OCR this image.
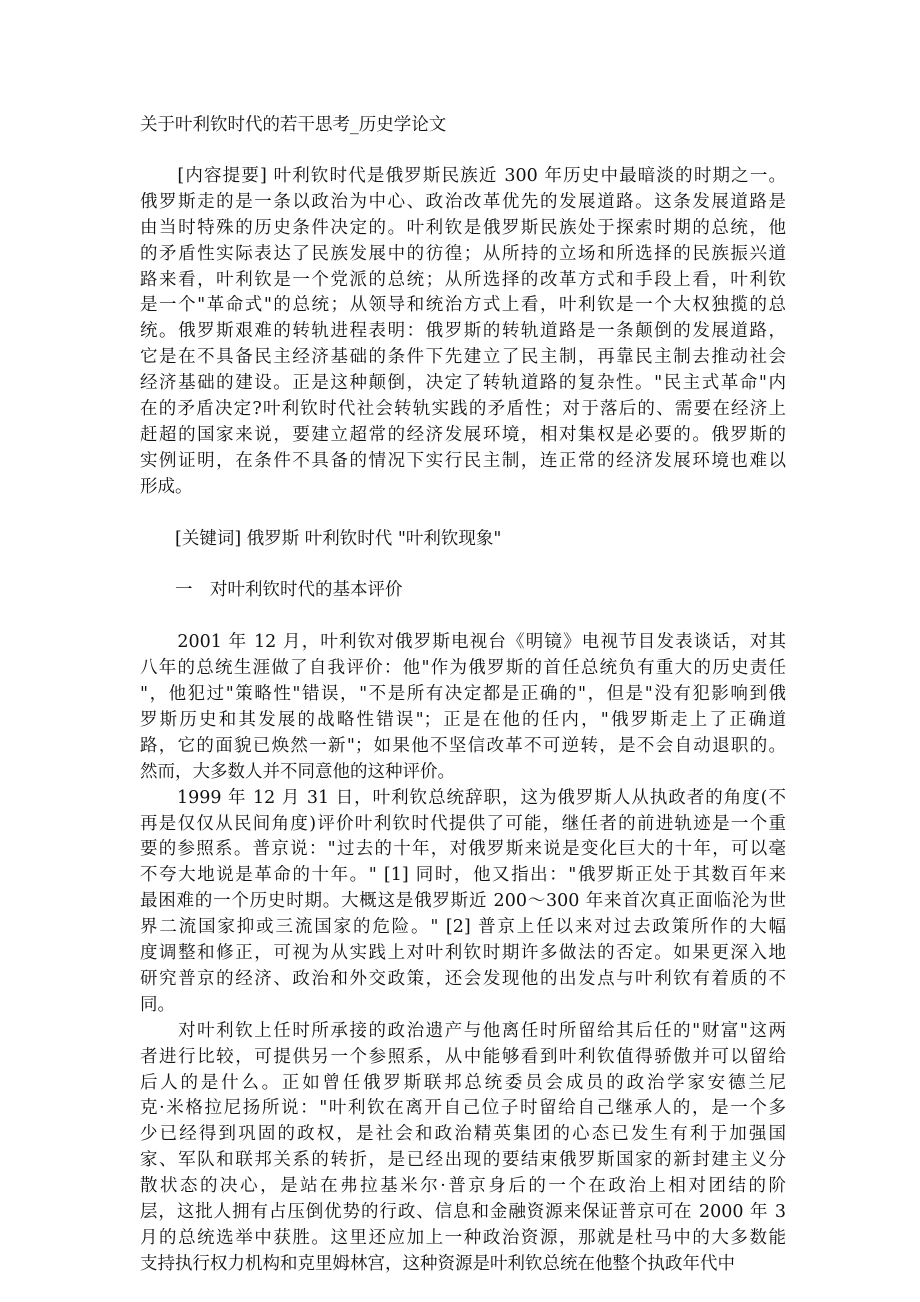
关于叶利钦时代的若干思考_历史学论文
　　[内容提要] 叶利钦时代是俄罗斯民族近 300 年历史中最暗淡的时期之一。
俄罗斯走的是一条以政治为中心、政治改革优先的发展道路。这条发展道路是
由当时特殊的历史条件决定的。叶利钦是俄罗斯民族处于探索时期的总统，他
的矛盾性实际表达了民族发展中的彷徨；从所持的立场和所选择的民族振兴道
路来看，叶利钦是一个党派的总统；从所选择的改革方式和手段上看，叶利钦
是一个"革命式"的总统；从领导和统治方式上看，叶利钦是一个大权独揽的总
统。俄罗斯艰难的转轨进程表明：俄罗斯的转轨道路是一条颠倒的发展道路，
它是在不具备民主经济基础的条件下先建立了民主制，再靠民主制去推动社会
经济基础的建设。正是这种颠倒，决定了转轨道路的复杂性。"民主式革命"内
在的矛盾决定?叶利钦时代社会转轨实践的矛盾性；对于落后的、需要在经济上
赶超的国家来说，要建立超常的经济发展环境，相对集权是必要的。俄罗斯的
实例证明，在条件不具备的情况下实行民主制，连正常的经济发展环境也难以
形成。
　　[关键词] 俄罗斯 叶利钦时代 "叶利钦现象"
　　一　对叶利钦时代的基本评价
　　2001 年 12 月，叶利钦对俄罗斯电视台《明镜》电视节目发表谈话，对其
八年的总统生涯做了自我评价：他"作为俄罗斯的首任总统负有重大的历史责任
"，他犯过"策略性"错误，"不是所有决定都是正确的"，但是"没有犯影响到俄
罗斯历史和其发展的战略性错误"；正是在他的任内，"俄罗斯走上了正确道
路，它的面貌已焕然一新"；如果他不坚信改革不可逆转，是不会自动退职的。
然而，大多数人并不同意他的这种评价。
　　1999 年 12 月 31 日，叶利钦总统辞职，这为俄罗斯人从执政者的角度(不
再是仅仅从民间角度)评价叶利钦时代提供了可能，继任者的前进轨迹是一个重
要的参照系。普京说："过去的十年，对俄罗斯来说是变化巨大的十年，可以毫
不夸大地说是革命的十年。" [1] 同时，他又指出："俄罗斯正处于其数百年来
最困难的一个历史时期。大概这是俄罗斯近 200～300 年来首次真正面临沦为世
界二流国家抑或三流国家的危险。" [2] 普京上任以来对过去政策所作的大幅
度调整和修正，可视为从实践上对叶利钦时期许多做法的否定。如果更深入地
研究普京的经济、政治和外交政策，还会发现他的出发点与叶利钦有着质的不
同。
　　对叶利钦上任时所承接的政治遗产与他离任时所留给其后任的"财富"这两
者进行比较，可提供另一个参照系，从中能够看到叶利钦值得骄傲并可以留给
后人的是什么。正如曾任俄罗斯联邦总统委员会成员的政治学家安德兰尼
克·米格拉尼扬所说："叶利钦在离开自己位子时留给自己继承人的，是一个多
少已经得到巩固的政权，是社会和政治精英集团的心态已发生有利于加强国
家、军队和联邦关系的转折，是已经出现的要结束俄罗斯国家的新封建主义分
散状态的决心，是站在弗拉基米尔·普京身后的一个在政治上相对团结的阶
层，这批人拥有占压倒优势的行政、信息和金融资源来保证普京可在 2000 年 3
月的总统选举中获胜。这里还应加上一种政治资源，那就是杜马中的大多数能
支持执行权力机构和克里姆林宫，这种资源是叶利钦总统在他整个执政年代中
